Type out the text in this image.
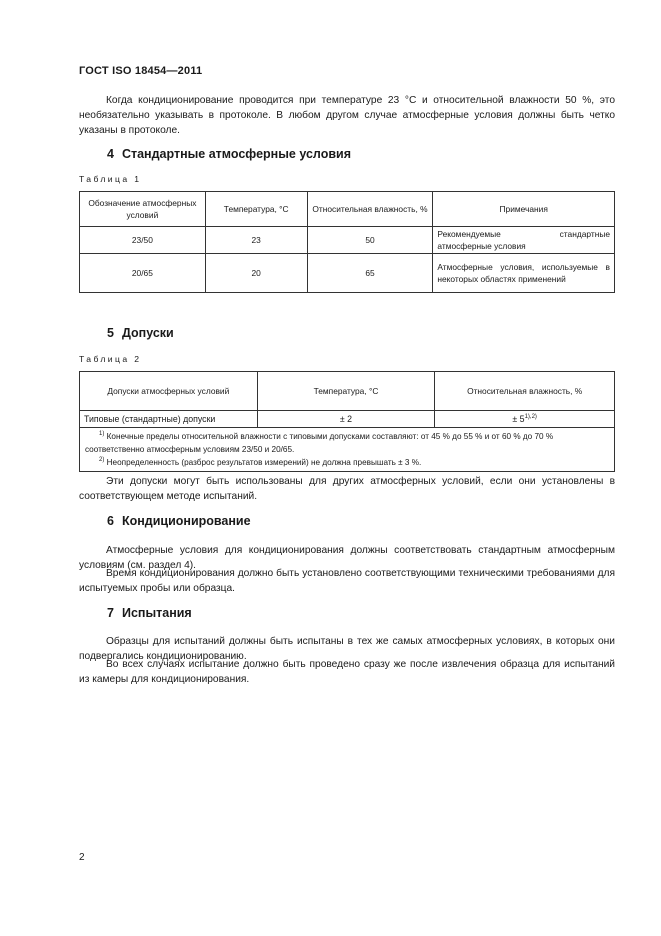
ГОСТ ISO 18454—2011

Когда кондиционирование проводится при температуре 23 °С и относительной влажности 50 %, это необязательно указывать в протоколе. В любом другом случае атмосферные условия должны быть четко указаны в протоколе.

4 Стандартные атмосферные условия
Таблица 1
Обозначение атмосферных условий	Температура, °С	Относительная влажность, %	Примечания
23/50	23	50	Рекомендуемые стандартные атмосферные условия
20/65	20	65	Атмосферные условия, используемые в некоторых областях применений
5 Допуски
Таблица 2
Допуски атмосферных условий	Температура, °С	Относительная влажность, %
Типовые (стандартные) допуски	± 2	± $5^{1),2)}$

$^{1)}$ Конечные пределы относительной влажности с типовыми допусками составляют: от 45 % до 55 % и от 60 % до 70 % соответственно атмосферным условиям 23/50 и 20/65.
$^{2)}$ Неопределенность (разброс результатов измерений) не должна превышать ± 3 %.		

Эти допуски могут быть использованы для других атмосферных условий, если они установлены в соответствующем методе испытаний.

6 Кондиционирование

Атмосферные условия для кондиционирования должны соответствовать стандартным атмосферным условиям (см. раздел 4).

Время кондиционирования должно быть установлено соответствующими техническими требованиями для испытуемых пробы или образца.

7 Испытания

Образцы для испытаний должны быть испытаны в тех же самых атмосферных условиях, в которых они подвергались кондиционированию.

Во всех случаях испытание должно быть проведено сразу же после извлечения образца для испытаний из камеры для кондиционирования.

2
